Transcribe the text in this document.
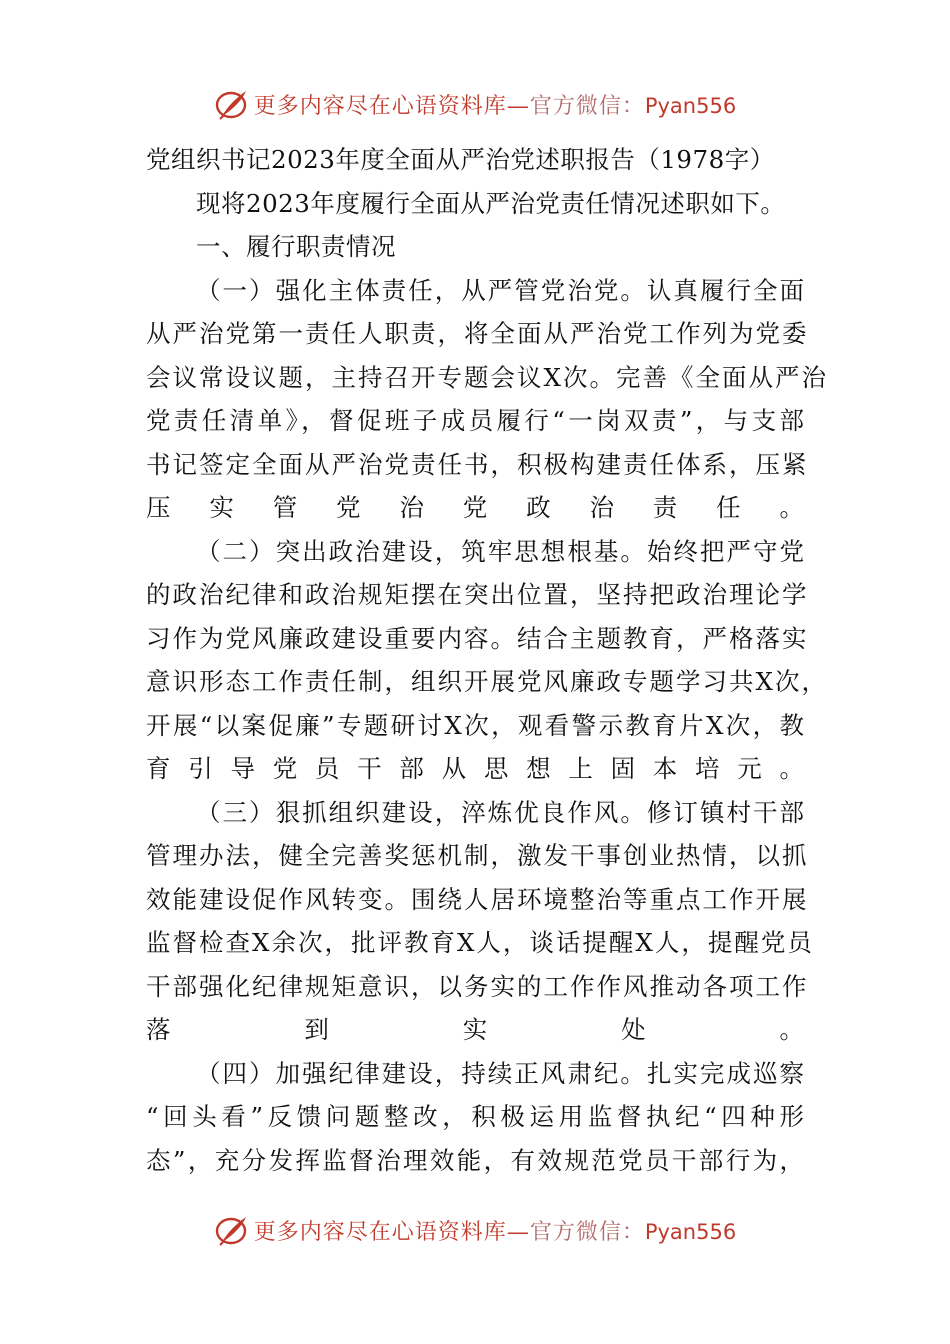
更多内容尽在心语资料库—官方微信：Pyan556
党组织书记2023年度全面从严治党述职报告（1978字）
现将2023年度履行全面从严治党责任情况述职如下。
一、履行职责情况
（一）强化主体责任，从严管党治党。认真履行全面
从严治党第一责任人职责，将全面从严治党工作列为党委
会议常设议题，主持召开专题会议X次。完善《全面从严治
党责任清单》，督促班子成员履行“一岗双责”，与支部
书记签定全面从严治党责任书，积极构建责任体系，压紧
压实管党治党政治责任。
（二）突出政治建设，筑牢思想根基。始终把严守党
的政治纪律和政治规矩摆在突出位置，坚持把政治理论学
习作为党风廉政建设重要内容。结合主题教育，严格落实
意识形态工作责任制，组织开展党风廉政专题学习共X次，
开展“以案促廉”专题研讨X次，观看警示教育片X次，教
育引导党员干部从思想上固本培元。
（三）狠抓组织建设，淬炼优良作风。修订镇村干部
管理办法，健全完善奖惩机制，激发干事创业热情，以抓
效能建设促作风转变。围绕人居环境整治等重点工作开展
监督检查X余次，批评教育X人，谈话提醒X人，提醒党员
干部强化纪律规矩意识，以务实的工作作风推动各项工作
落到实处。
（四）加强纪律建设，持续正风肃纪。扎实完成巡察
“回头看”反馈问题整改，积极运用监督执纪“四种形
态”，充分发挥监督治理效能，有效规范党员干部行为，
更多内容尽在心语资料库—官方微信：Pyan556
